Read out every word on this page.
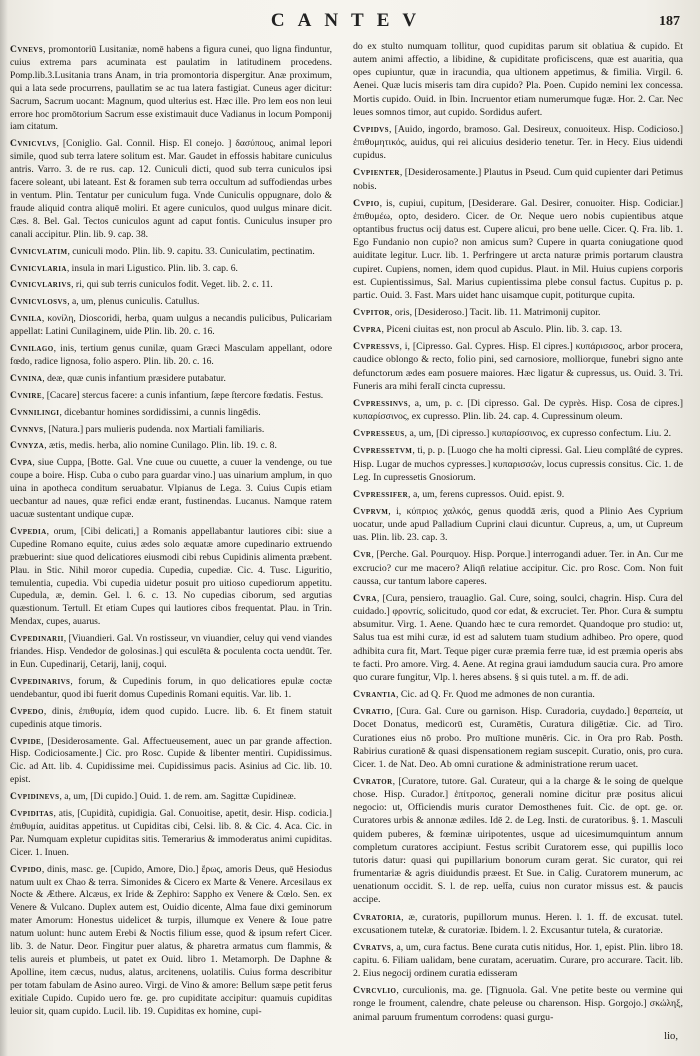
CANTEV	187

Cvnevs, promontoriū Lusitaniæ, nomē habens a figura cunei, quo ligna finduntur, cuius extrema pars acuminata est paulatim in latitudinem procedens. Pomp.lib.3.Lusitania trans Anam, in tria promontoria dispergitur. Anæ proximum, qui a lata sede procurrens, paullatim se ac tua latera fastigiat. Cuneus ager dicitur: Sacrum, Sacrum uocant: Magnum, quod ulterius est. Hæc ille. Pro lem eos non leui errore hoc promōtorium Sacrum esse existimauit duce Vadianus in locum Pomponij iam citatum.

Cvnicvlvs, [Coniglio. Gal. Connil. Hisp. El conejo. ] δασύπους, animal lepori simile, quod sub terra latere solitum est. Mar. Gaudet in effossis habitare cuniculus antris. Varro. 3. de re rus. cap. 12. Cuniculi dicti, quod sub terra cuniculos ipsi facere soleant, ubi lateant. Est & foramen sub terra occultum ad suffodiendas urbes in ventum. Plin. Tentatur per cuniculum fuga. Vnde Cuniculis oppugnare, dolo & fraude aliquid contra aliquē moliri. Et agere cuniculos, quod uulgus minare dicit. Cæs. 8. Bel. Gal. Tectos cuniculos agunt ad caput fontis. Cuniculus insuper pro canali accipitur. Plin. lib. 9. cap. 38.

Cvnicvlatim, cuniculi modo. Plin. lib. 9. capitu. 33. Cuniculatim, pectinatim.

Cvnicvlaria, insula in mari Ligustico. Plin. lib. 3. cap. 6.

Cvnicvlarivs, ri, qui sub terris cuniculos fodit. Veget. lib. 2. c. 11.

Cvnicvlosvs, a, um, plenus cuniculis. Catullus.

Cvnila, κονίλη, Dioscoridi, herba, quam uulgus a necandis pulicibus, Pulicariam appellat: Latini Cunilaginem, uide Plin. lib. 20. c. 16.

Cvnilago, inis, tertium genus cunilæ, quam Græci Masculam appellant, odore fœdo, radice lignosa, folio aspero. Plin. lib. 20. c. 16.

Cvnina, deæ, quæ cunis infantium præsidere putabatur.

Cvnire, [Cacare] stercus facere: a cunis infantium, ſæpe ſtercore fœdatis. Festus.

Cvnnilingi, dicebantur homines sordidissimi, a cunnis lingēdis.

Cvnnvs, [Natura.] pars mulieris pudenda. nox Martiali familiaris.

Cvnyza, ætis, medis. herba, alio nomine Cunilago. Plin. lib. 19. c. 8.

Cvpa, siue Cuppa, [Botte. Gal. Vne cuue ou cuuette, a cuuer la vendenge, ou tue coupe a boire. Hisp. Cuba o cubo para guardar vino.] uas uinarium amplum, in quo uina in apotheca conditum seruabatur. Vlpianus de Lega. 3. Cuius Cupis etiam uecbantur ad naues, quæ refici endæ erant, fustinendas. Lucanus. Namque ratem uacuæ sustentant undique cupæ.

Cvpedia, orum, [Cibi delicati,] a Romanis appellabantur lautiores cibi: siue a Cupedine Romano equite, cuius ædes solo æquatæ amore cupedinario extruendo præbuerint: siue quod delicatiores eiusmodi cibi rebus Cupidinis alimenta præbent. Plau. in Stic. Nihil moror cupedia. Cupedia, cupediæ. Cic. 4. Tusc. Liguritio, temulentia, cupedia. Vbi cupedia uidetur posuit pro uitioso cupediorum appetitu. Cupedula, æ, demin. Gel. l. 6. c. 13. No cupedias ciborum, sed argutias quæstionum. Tertull. Et etiam Cupes qui lautiores cibos frequentat. Plau. in Trin. Mendax, cupes, auarus.

Cvpedinarii, [Viuandieri. Gal. Vn rostisseur, vn viuandier, celuy qui vend viandes friandes. Hisp. Vendedor de golosinas.] qui esculēta & poculenta cocta uendūt. Ter. in Eun. Cupedinarij, Cetarij, lanij, coqui.

Cvpedinarivs, forum, & Cupedinis forum, in quo delicatiores epulæ coctæ uendebantur, quod ibi fuerit domus Cupedinis Romani equitis. Var. lib. 1.

Cvpedo, dinis, ἐπιθυμία, idem quod cupido. Lucre. lib. 6. Et finem statuit cupedinis atque timoris.

Cvpide, [Desiderosamente. Gal. Affectueusement, auec un par grande affection. Hisp. Codiciosamente.] Cic. pro Rosc. Cupide & libenter mentiri. Cupidissimus. Cic. ad Att. lib. 4. Cupidissime mei. Cupidissimus pacis. Asinius ad Cic. lib. 10. epist.

Cvpidinevs, a, um, [Di cupido.] Ouid. 1. de rem. am. Sagittæ Cupidineæ.

Cvpiditas, atis, [Cupidità, cupidigia. Gal. Conuoitise, apetit, desir. Hisp. codicia.] ἐπιθυμία, auiditas appetitus. ut Cupiditas cibi, Celsi. lib. 8. & Cic. 4. Aca. Cic. in Par. Numquam expletur cupiditas sitis. Temerarius & immoderatus animi cupiditas. Cicer. 1. Inuen.

Cvpido, dinis, masc. ge. [Cupido, Amore, Dio.] ἔρως, amoris Deus, quē Hesiodus natum uult ex Chao & terra. Simonides & Cicero ex Marte & Venere. Arcesilaus ex Nocte & Æthere. Alcæus, ex Iride & Zephiro: Sappho ex Venere & Cœlo. Sen. ex Venere & Vulcano. Duplex autem est, Ouidio dicente, Alma faue dixi geminorum mater Amorum: Honestus uidelicet & turpis, illumque ex Venere & Ioue patre natum uolunt: hunc autem Erebi & Noctis filium esse, quod & ipsum refert Cicer. lib. 3. de Natur. Deor. Fingitur puer alatus, & pharetra armatus cum flammis, & telis aureis et plumbeis, ut patet ex Ouid. libro 1. Metamorph. De Daphne & Apolline, item cæcus, nudus, alatus, arcitenens, uolatilis. Cuius forma describitur per totam fabulam de Asino aureo. Virgi. de Vino & amore: Bellum sæpe petit ferus exitiale Cupido. Cupido uero fœ. ge. pro cupiditate accipitur: quamuis cupiditas leuior sit, quam cupido. Lucil. lib. 19. Cupiditas ex homine, cupi-

do ex stulto numquam tollitur, quod cupiditas parum sit oblatiua & cupido. Et autem animi affectio, a libidine, & cupiditate proficiscens, quæ est auaritia, qua opes cupiuntur, quæ in iracundia, qua ultionem appetimus, & fimilia. Virgil. 6. Aenei. Quæ lucis miseris tam dira cupido? Pla. Poen. Cupido nemini lex concessa. Mortis cupido. Ouid. in Ibin. Incruentor etiam numerumque fugæ. Hor. 2. Car. Nec leues somnos timor, aut cupido. Sordidus aufert.

Cvpidvs, [Auido, ingordo, bramoso. Gal. Desireux, conuoiteux. Hisp. Codicioso.] ἐπιθυμητικός, auidus, qui rei alicuius desiderio tenetur. Ter. in Hecy. Eius uidendi cupidus.

Cvpienter, [Desiderosamente.] Plautus in Pseud. Cum quid cupienter dari Petimus nobis.

Cvpio, is, cupiui, cupitum, [Desiderare. Gal. Desirer, conuoiter. Hisp. Codiciar.] ἐπιθυμέω, opto, desidero. Cicer. de Or. Neque uero nobis cupientibus atque optantibus fructus ocij datus est. Cupere alicui, pro bene uelle. Cicer. Q. Fra. lib. 1. Ego Fundanio non cupio? non amicus sum? Cupere in quarta coniugatione quod auiditate legitur. Lucr. lib. 1. Perfringere ut arcta naturæ primis portarum claustra cupiret. Cupiens, nomen, idem quod cupidus. Plaut. in Mil. Huius cupiens corporis est. Cupientissimus, Sal. Marius cupientissima plebe consul factus. Cupitus p. p. partic. Ouid. 3. Fast. Mars uidet hanc uisamque cupit, potiturque cupita.

Cvpitor, oris, [Desideroso.] Tacit. lib. 11. Matrimonij cupitor.

Cvpra, Piceni ciuitas est, non procul ab Asculo. Plin. lib. 3. cap. 13.

Cvpressvs, i, [Cipresso. Gal. Cypres. Hisp. El cipres.] κυπάρισσος, arbor procera, caudice oblongo & recto, folio pini, sed carnosiore, molliorque, funebri signo ante defunctorum ædes eam posuere maiores. Hæc ligatur & cupressus, us. Ouid. 3. Tri. Funeris ara mihi feralī cincta cupressu.

Cvpressinvs, a, um, p. c. [Di cipresso. Gal. De cyprès. Hisp. Cosa de cipres.] κυπαρίσσινος, ex cupresso. Plin. lib. 24. cap. 4. Cupressinum oleum.

Cvpresseus, a, um, [Di cipresso.] κυπαρίσσινος, ex cupresso confectum. Liu. 2.

Cvpressetvm, ti, p. p. [Luogo che ha molti cipressi. Gal. Lieu complâté de cypres. Hisp. Lugar de muchos cypresses.] κυπαρισσών, locus cupressis consitus. Cic. 1. de Leg. In cupressetis Gnosiorum.

Cvpressifer, a, um, ferens cupressos. Ouid. epist. 9.

Cvprvm, i, κύπριος χαλκός, genus quoddā æris, quod a Plinio Aes Cyprium uocatur, unde apud Palladium Cuprini claui dicuntur. Cupreus, a, um, ut Cupreum uas. Plin. lib. 23. cap. 3.

Cvr, [Perche. Gal. Pourquoy. Hisp. Porque.] interrogandi aduer. Ter. in An. Cur me excrucio? cur me macero? Aliqn̄ relatiue accipitur. Cic. pro Rosc. Com. Non fuit caussa, cur tantum labore caperes.

Cvra, [Cura, pensiero, trauaglio. Gal. Cure, soing, soulci, chagrin. Hisp. Cura del cuidado.] φροντίς, solicitudo, quod cor edat, & excruciet. Ter. Phor. Cura & sumptu absumitur. Virg. 1. Aene. Quando hæc te cura remordet. Quandoque pro studio: ut, Salus tua est mihi curæ, id est ad salutem tuam studium adhibeo. Pro opere, quod adhibita cura fit, Mart. Teque piger curæ præmia ferre tuæ, id est præmia operis abs te facti. Pro amore. Virg. 4. Aene. At regina graui iamdudum saucia cura. Pro amore quo curare fungitur, Vlp. l. heres absens. § si quis tutel. a m. ff. de adi.

Cvrantia, Cic. ad Q. Fr. Quod me admones de non curantia.

Cvratio, [Cura. Gal. Cure ou garnison. Hisp. Curadoria, cuydado.] θεραπεία, ut Docet Donatus, medicorū est, Curamētis, Curatura diligētiæ. Cic. ad Tiro. Curationes eius nō probo. Pro muītione munēris. Cic. in Ora pro Rab. Posth. Rabirius curationē & quasi dispensationem regiam suscepit. Curatio, onis, pro cura. Cicer. 1. de Nat. Deo. Ab omni curatione & administratione rerum uacet.

Cvrator, [Curatore, tutore. Gal. Curateur, qui a la charge & le soing de quelque chose. Hisp. Curador.] ἐπίτροπος, generali nomine dicitur præ positus alicui negocio: ut, Officiendis muris curator Demosthenes fuit. Cic. de opt. ge. or. Curatores urbis & annonæ ædiles. Idē 2. de Leg. Insti. de curatoribus. §. 1. Masculi quidem puberes, & fœminæ uiripotentes, usque ad uicesimumquintum annum completum curatores accipiunt. Festus scribit Curatorem esse, qui pupillis loco tutoris datur: quasi qui pupillarium bonorum curam gerat. Sic curator, qui rei frumentariæ & agris diuidundis præest. Et Sue. in Calig. Curatorem munerum, ac uenationum occidit. S. l. de rep. uelt̄a, cuius non curator missus est. & paucis accipe.

Cvratoria, æ, curatoris, pupillorum munus. Heren. l. 1. ff. de excusat. tutel. excusationem tutelæ, & curatoriæ. Ibidem. l. 2. Excusantur tutela, & curatoriæ.

Cvratvs, a, um, cura factus. Bene curata cutis nitidus, Hor. 1, epist. Plin. libro 18. capitu. 6. Filiam ualidam, bene curatam, aceruatim. Curare, pro accurare. Tacit. lib. 2. Eius negocij ordinem curatia edisseram

Cvrcvlio, curculionis, ma. ge. [Tignuola. Gal. Vne petite beste ou vermine qui ronge le froument, calendre, chate peleuse ou charenson. Hisp. Gorgojo.] σκώληξ, animal paruum frumentum corrodens: quasi gurgu-

lio,
